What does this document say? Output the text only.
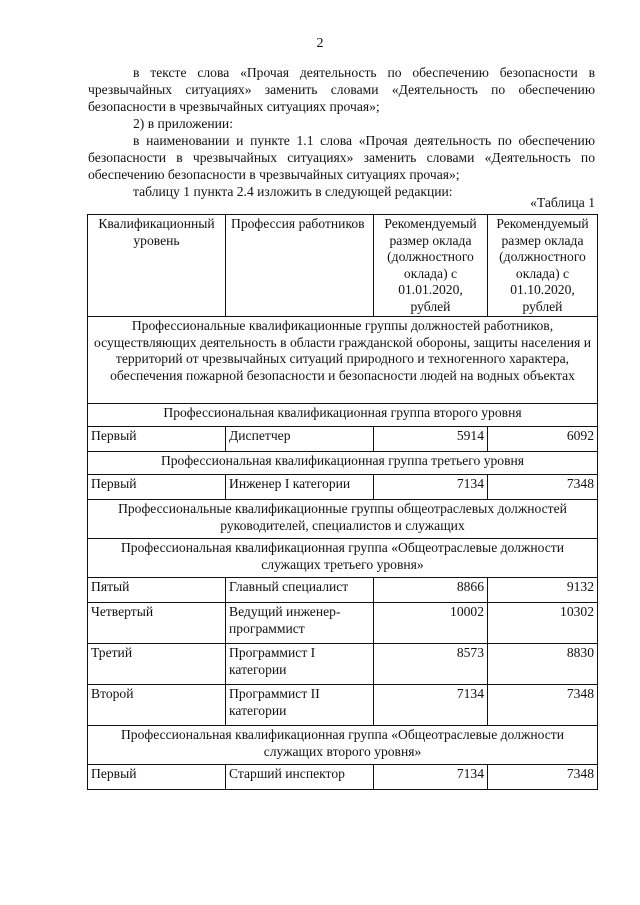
2

в тексте слова «Прочая деятельность по обеспечению безопасности в чрезвычайных ситуациях» заменить словами «Деятельность по обеспечению безопасности в чрезвычайных ситуациях прочая»;

2) в приложении:

в наименовании и пункте 1.1 слова «Прочая деятельность по обеспечению безопасности в чрезвычайных ситуациях» заменить словами «Деятельность по обеспечению безопасности в чрезвычайных ситуациях прочая»;

таблицу 1 пункта 2.4 изложить в следующей редакции:

«Таблица 1
Квалификационный уровень	Профессия работников	Рекомендуемый размер оклада (должностного оклада) с 01.01.2020, рублей	Рекомендуемый размер оклада (должностного оклада) с 01.10.2020, рублей
Профессиональные квалификационные группы должностей работников, осуществляющих деятельность в области гражданской обороны, защиты населения и территорий от чрезвычайных ситуаций природного и техногенного характера, обеспечения пожарной безопасности и безопасности людей на водных объектах			
Профессиональная квалификационная группа второго уровня			
Первый	Диспетчер	5914	6092
Профессиональная квалификационная группа третьего уровня			
Первый	Инженер I категории	7134	7348
Профессиональные квалификационные группы общеотраслевых должностей руководителей, специалистов и служащих			
Профессиональная квалификационная группа «Общеотраслевые должности служащих третьего уровня»			
Пятый	Главный специалист	8866	9132
Четвертый	Ведущий инженер-программист	10002	10302
Третий	Программист I категории	8573	8830
Второй	Программист II категории	7134	7348
Профессиональная квалификационная группа «Общеотраслевые должности служащих второго уровня»			
Первый	Старший инспектор	7134	7348
